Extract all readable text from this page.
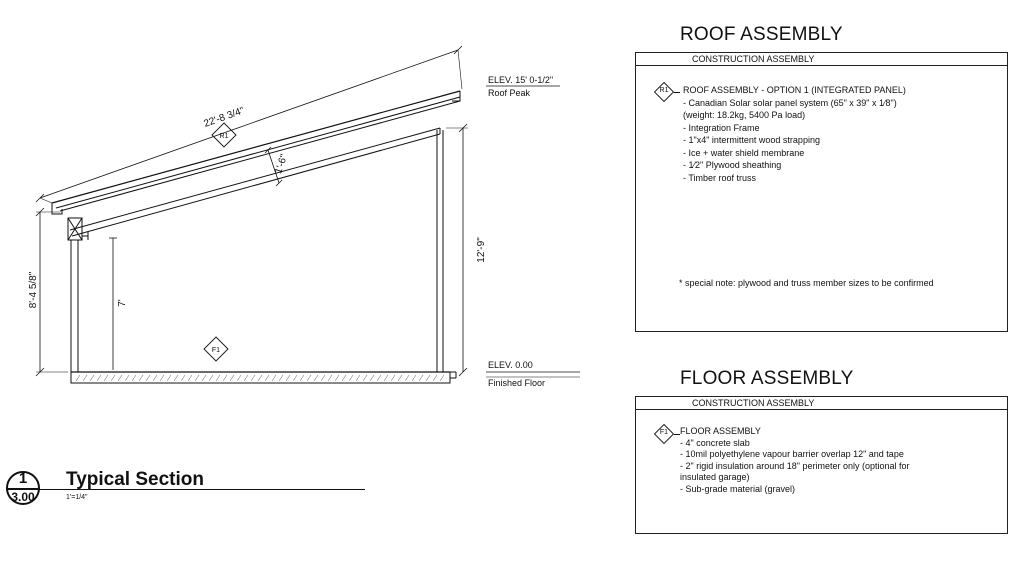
22'-8 3/4"
1'-6"
8'-4 5/8"
12'-9"
7'
R1
F1
ELEV. 15' 0-1/2"
Roof Peak
ELEV. 0.00
Finished Floor
ROOF ASSEMBLY
CONSTRUCTION ASSEMBLY
R1	ROOF ASSEMBLY - OPTION 1 (INTEGRATED PANEL)
- Canadian Solar solar panel system (65" x 39" x 1⁄8")
(weight: 18.2kg, 5400 Pa load)
- Integration Frame
- 1"x4" intermittent wood strapping
- Ice + water shield membrane
- 1⁄2" Plywood sheathing
- Timber roof truss
* special note: plywood and truss member sizes to be confirmed
FLOOR ASSEMBLY
CONSTRUCTION ASSEMBLY
F1	FLOOR ASSEMBLY
- 4" concrete slab
- 10mil polyethylene vapour barrier overlap 12" and tape
- 2" rigid insulation around 18" perimeter only (optional for
insulated garage)
- Sub-grade material (gravel)
1
3.00
Typical Section
1'=1/4"
